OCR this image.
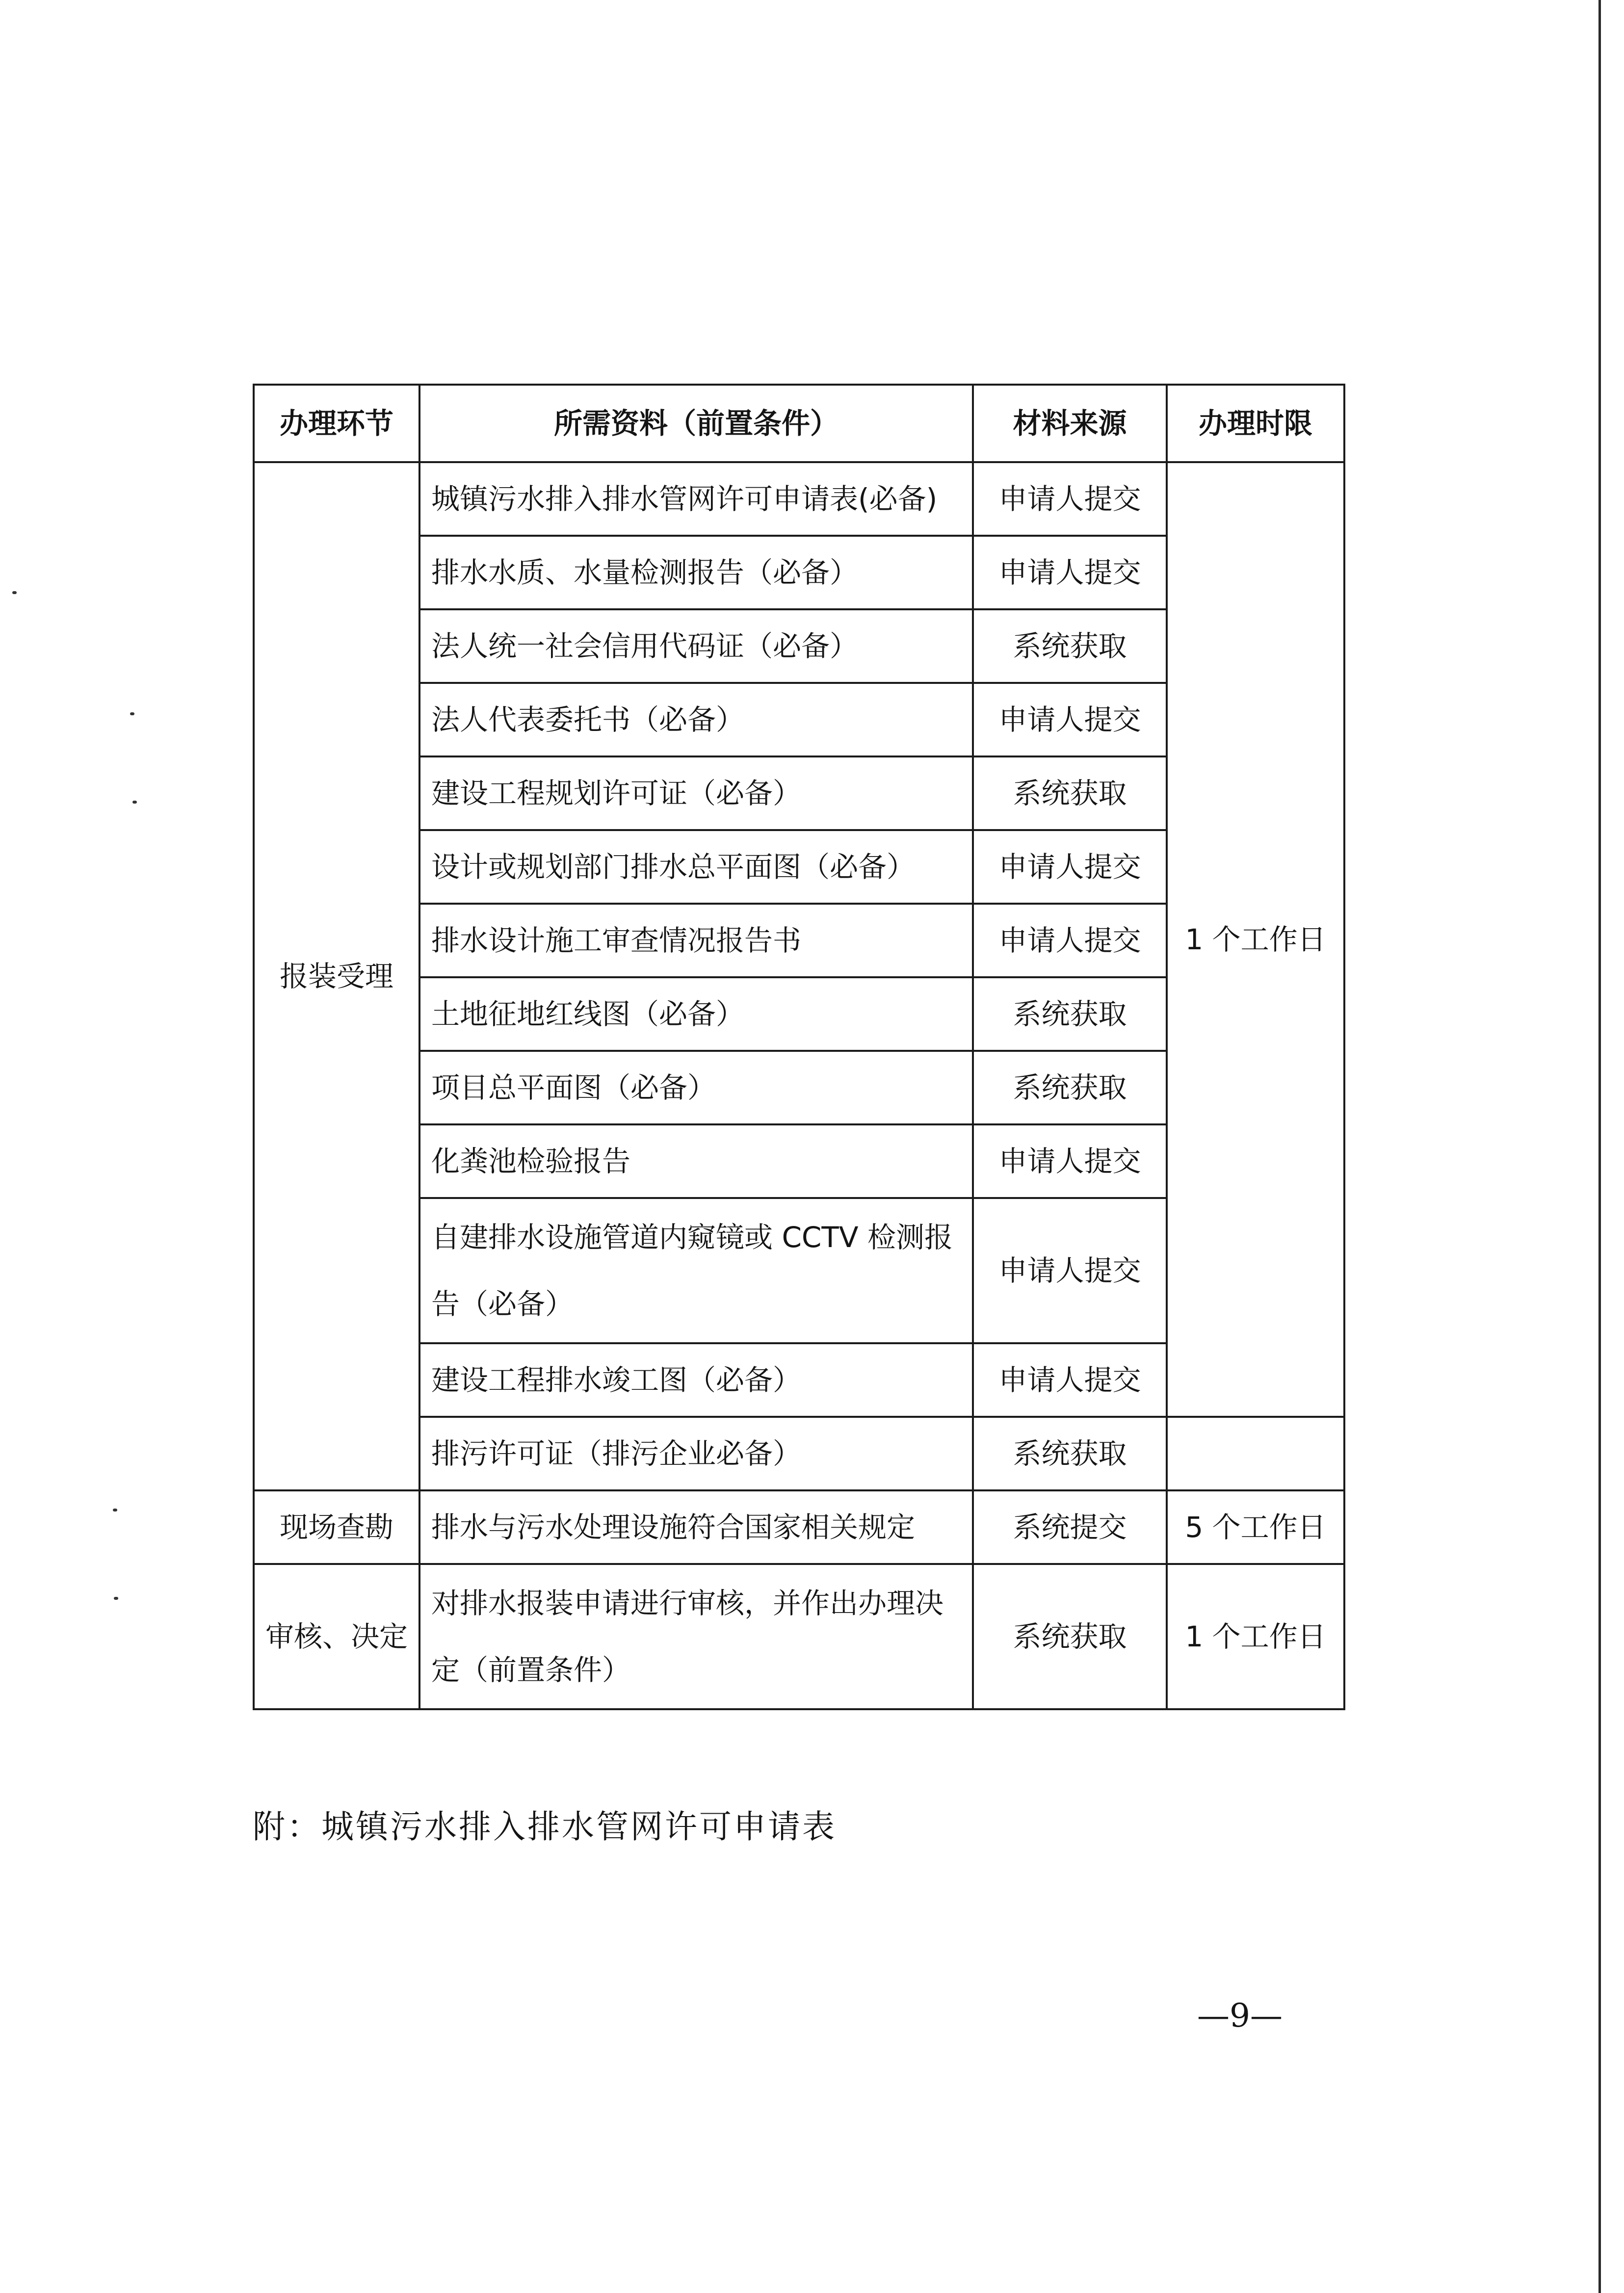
办理环节	所需资料（前置条件）	材料来源	办理时限
报装受理	城镇污水排入排水管网许可申请表(必备)	申请人提交	1 个工作日
	排水水质、水量检测报告（必备）	申请人提交	
	法人统一社会信用代码证（必备）	系统获取	
	法人代表委托书（必备）	申请人提交	
	建设工程规划许可证（必备）	系统获取	
	设计或规划部门排水总平面图（必备）	申请人提交	
	排水设计施工审查情况报告书	申请人提交	
	土地征地红线图（必备）	系统获取	
	项目总平面图（必备）	系统获取	
	化粪池检验报告	申请人提交	
	自建排水设施管道内窥镜或 CCTV 检测报告（必备）	申请人提交	
	建设工程排水竣工图（必备）	申请人提交	
	排污许可证（排污企业必备）	系统获取	
现场查勘	排水与污水处理设施符合国家相关规定	系统提交	5 个工作日
审核、决定	对排水报装申请进行审核，并作出办理决定（前置条件）	系统获取	1 个工作日
附：城镇污水排入排水管网许可申请表
—9—
